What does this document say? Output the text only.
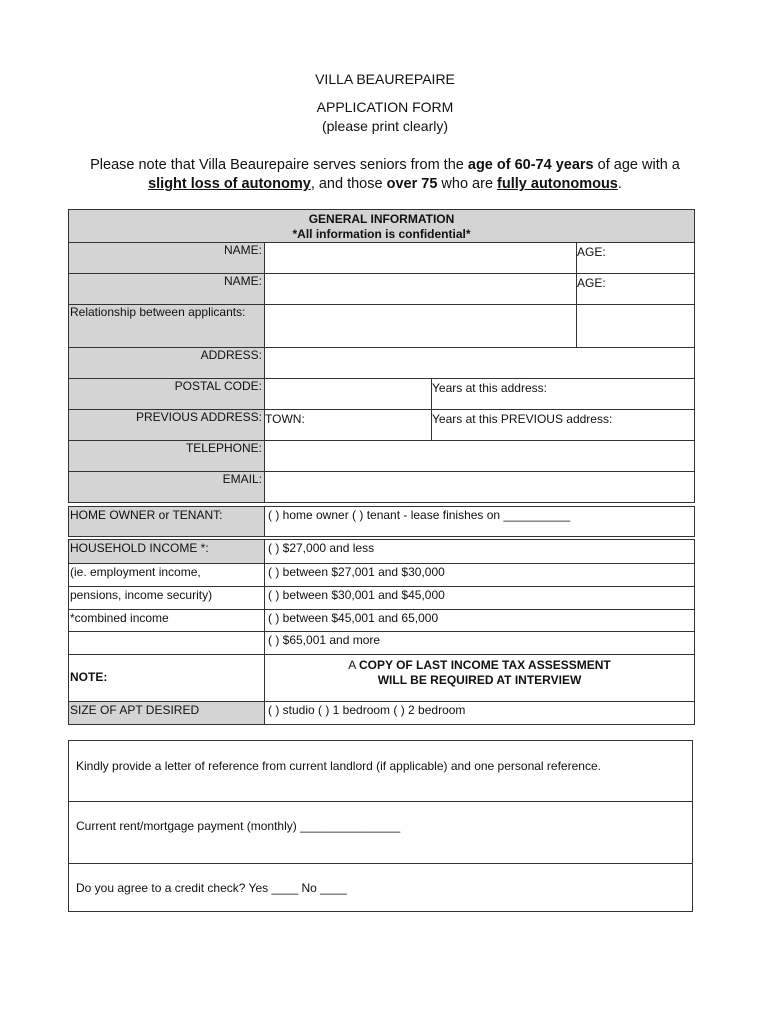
VILLA BEAUREPAIRE
APPLICATION FORM
(please print clearly)
Please note that Villa Beaurepaire serves seniors from the age of 60-74 years of age with a
slight loss of autonomy, and those over 75 who are fully autonomous.
GENERAL INFORMATION
*All information is confidential*
NAME:	AGE:
NAME:	AGE:
Relationship between applicants:
ADDRESS:
POSTAL CODE:	Years at this address:
PREVIOUS ADDRESS: TOWN:	Years at this PREVIOUS address:
TELEPHONE:
EMAIL:
HOME OWNER or TENANT:	( ) home owner ( ) tenant - lease finishes on __________
HOUSEHOLD INCOME *:	( ) $27,000 and less
(ie. employment income,	( ) between $27,001 and $30,000
pensions, income security)	( ) between $30,001 and $45,000
*combined income	( ) between $45,001 and 65,000
( ) $65,001 and more
NOTE:
A COPY OF LAST INCOME TAX ASSESSMENT
WILL BE REQUIRED AT INTERVIEW
SIZE OF APT DESIRED	( ) studio ( ) 1 bedroom ( ) 2 bedroom
Kindly provide a letter of reference from current landlord (if applicable) and one personal reference.
Current rent/mortgage payment (monthly) _______________
Do you agree to a credit check? Yes ____ No ____
